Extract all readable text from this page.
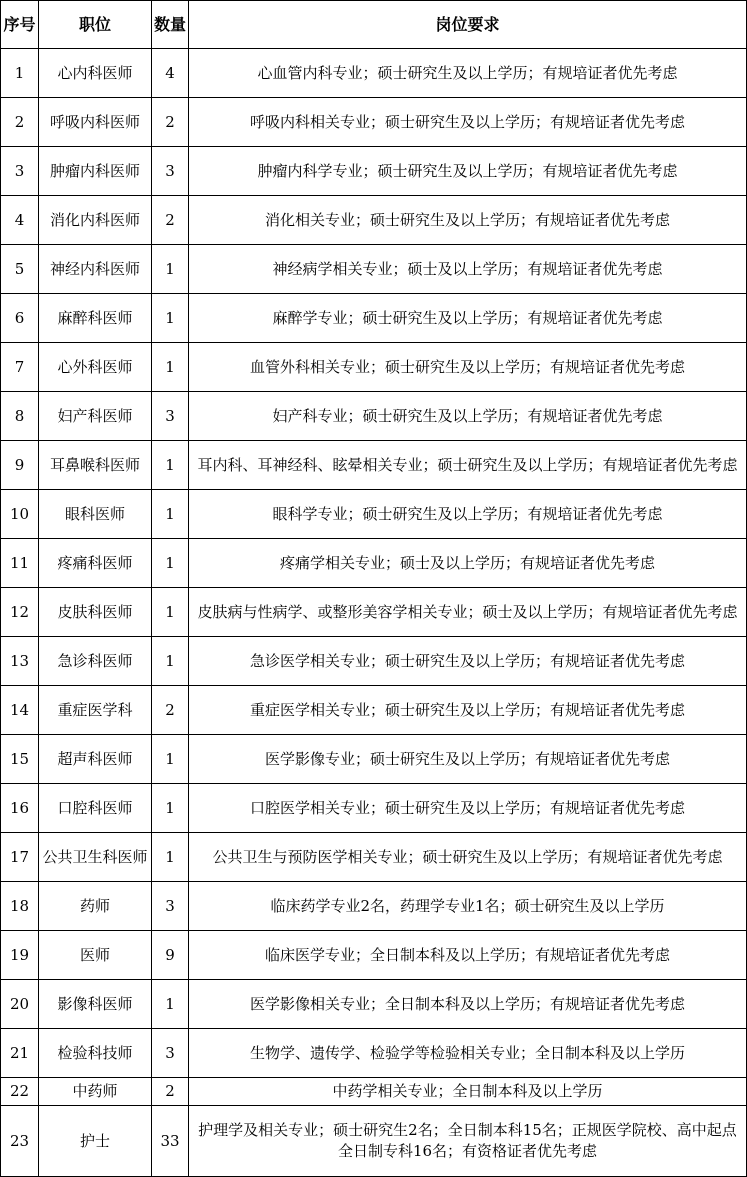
序号	职位	数量	岗位要求
1	心内科医师	4	心血管内科专业；硕士研究生及以上学历；有规培证者优先考虑
2	呼吸内科医师	2	呼吸内科相关专业；硕士研究生及以上学历；有规培证者优先考虑
3	肿瘤内科医师	3	肿瘤内科学专业；硕士研究生及以上学历；有规培证者优先考虑
4	消化内科医师	2	消化相关专业；硕士研究生及以上学历；有规培证者优先考虑
5	神经内科医师	1	神经病学相关专业；硕士及以上学历；有规培证者优先考虑
6	麻醉科医师	1	麻醉学专业；硕士研究生及以上学历；有规培证者优先考虑
7	心外科医师	1	血管外科相关专业；硕士研究生及以上学历；有规培证者优先考虑
8	妇产科医师	3	妇产科专业；硕士研究生及以上学历；有规培证者优先考虑
9	耳鼻喉科医师	1	耳内科、耳神经科、眩晕相关专业；硕士研究生及以上学历；有规培证者优先考虑
10	眼科医师	1	眼科学专业；硕士研究生及以上学历；有规培证者优先考虑
11	疼痛科医师	1	疼痛学相关专业；硕士及以上学历；有规培证者优先考虑
12	皮肤科医师	1	皮肤病与性病学、或整形美容学相关专业；硕士及以上学历；有规培证者优先考虑
13	急诊科医师	1	急诊医学相关专业；硕士研究生及以上学历；有规培证者优先考虑
14	重症医学科	2	重症医学相关专业；硕士研究生及以上学历；有规培证者优先考虑
15	超声科医师	1	医学影像专业；硕士研究生及以上学历；有规培证者优先考虑
16	口腔科医师	1	口腔医学相关专业；硕士研究生及以上学历；有规培证者优先考虑
17	公共卫生科医师	1	公共卫生与预防医学相关专业；硕士研究生及以上学历；有规培证者优先考虑
18	药师	3	临床药学专业2名，药理学专业1名；硕士研究生及以上学历
19	医师	9	临床医学专业；全日制本科及以上学历；有规培证者优先考虑
20	影像科医师	1	医学影像相关专业；全日制本科及以上学历；有规培证者优先考虑
21	检验科技师	3	生物学、遗传学、检验学等检验相关专业；全日制本科及以上学历
22	中药师	2	中药学相关专业；全日制本科及以上学历
23	护士	33	护理学及相关专业；硕士研究生2名；全日制本科15名；正规医学院校、高中起点全日制专科16名；有资格证者优先考虑
